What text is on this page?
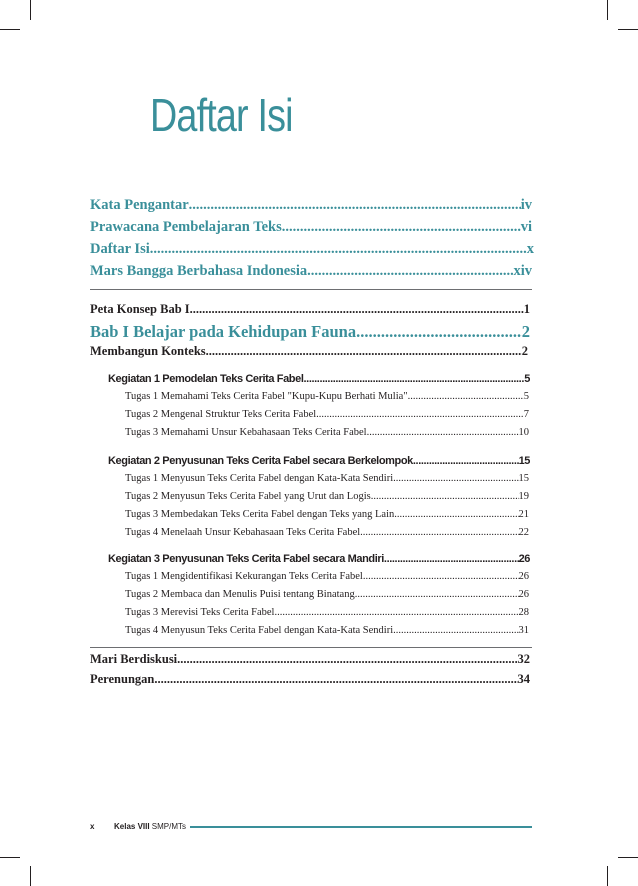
Daftar Isi
Kata Pengantar .....	iv
Prawacana Pembelajaran Teks .....	vi
Daftar Isi .....	x
Mars Bangga Berbahasa Indonesia .....	xiv
Peta Konsep Bab I .....	1
Bab I Belajar pada Kehidupan Fauna .....	2
Membangun Konteks .....	2
Kegiatan 1 Pemodelan Teks Cerita Fabel .....	5
Tugas 1 Memahami Teks Cerita Fabel "Kupu-Kupu Berhati Mulia" .....	5
Tugas 2 Mengenal Struktur Teks Cerita Fabel .....	7
Tugas 3 Memahami Unsur Kebahasaan Teks Cerita Fabel .....	10
Kegiatan 2 Penyusunan Teks Cerita Fabel secara Berkelompok .....	15
Tugas 1 Menyusun Teks Cerita Fabel dengan Kata-Kata Sendiri .....	15
Tugas 2 Menyusun Teks Cerita Fabel yang Urut dan Logis .....	19
Tugas 3 Membedakan Teks Cerita Fabel dengan Teks yang Lain .....	21
Tugas 4 Menelaah Unsur Kebahasaan Teks Cerita Fabel .....	22
Kegiatan 3 Penyusunan Teks Cerita Fabel secara Mandiri .....	26
Tugas 1 Mengidentifikasi Kekurangan Teks Cerita Fabel .....	26
Tugas 2 Membaca dan Menulis Puisi tentang Binatang .....	26
Tugas 3 Merevisi Teks Cerita Fabel .....	28
Tugas 4 Menyusun Teks Cerita Fabel dengan Kata-Kata Sendiri .....	31
Mari Berdiskusi .....	32
Perenungan .....	34
x Kelas VIII SMP/MTs
